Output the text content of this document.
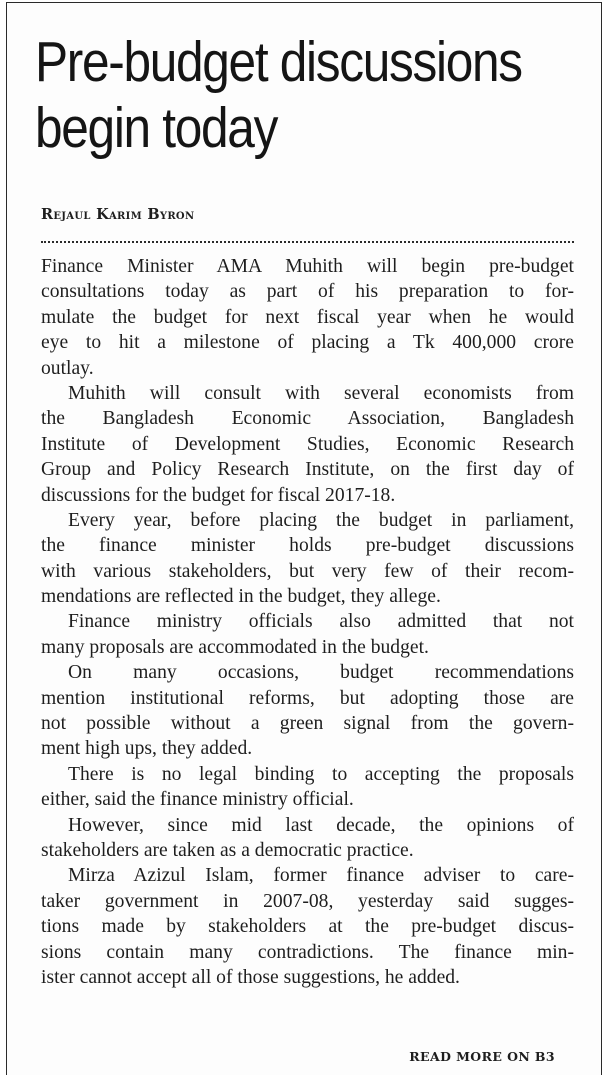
Pre-budget discussions
begin today
Rejaul Karim Byron
Finance Minister AMA Muhith will begin pre-budget
consultations today as part of his preparation to for-
mulate the budget for next fiscal year when he would
eye to hit a milestone of placing a Tk 400,000 crore
outlay.
Muhith will consult with several economists from
the Bangladesh Economic Association, Bangladesh
Institute of Development Studies, Economic Research
Group and Policy Research Institute, on the first day of
discussions for the budget for fiscal 2017-18.
Every year, before placing the budget in parliament,
the finance minister holds pre-budget discussions
with various stakeholders, but very few of their recom-
mendations are reflected in the budget, they allege.
Finance ministry officials also admitted that not
many proposals are accommodated in the budget.
On many occasions, budget recommendations
mention institutional reforms, but adopting those are
not possible without a green signal from the govern-
ment high ups, they added.
There is no legal binding to accepting the proposals
either, said the finance ministry official.
However, since mid last decade, the opinions of
stakeholders are taken as a democratic practice.
Mirza Azizul Islam, former finance adviser to care-
taker government in 2007-08, yesterday said sugges-
tions made by stakeholders at the pre-budget discus-
sions contain many contradictions. The finance min-
ister cannot accept all of those suggestions, he added.
READ MORE ON B3
